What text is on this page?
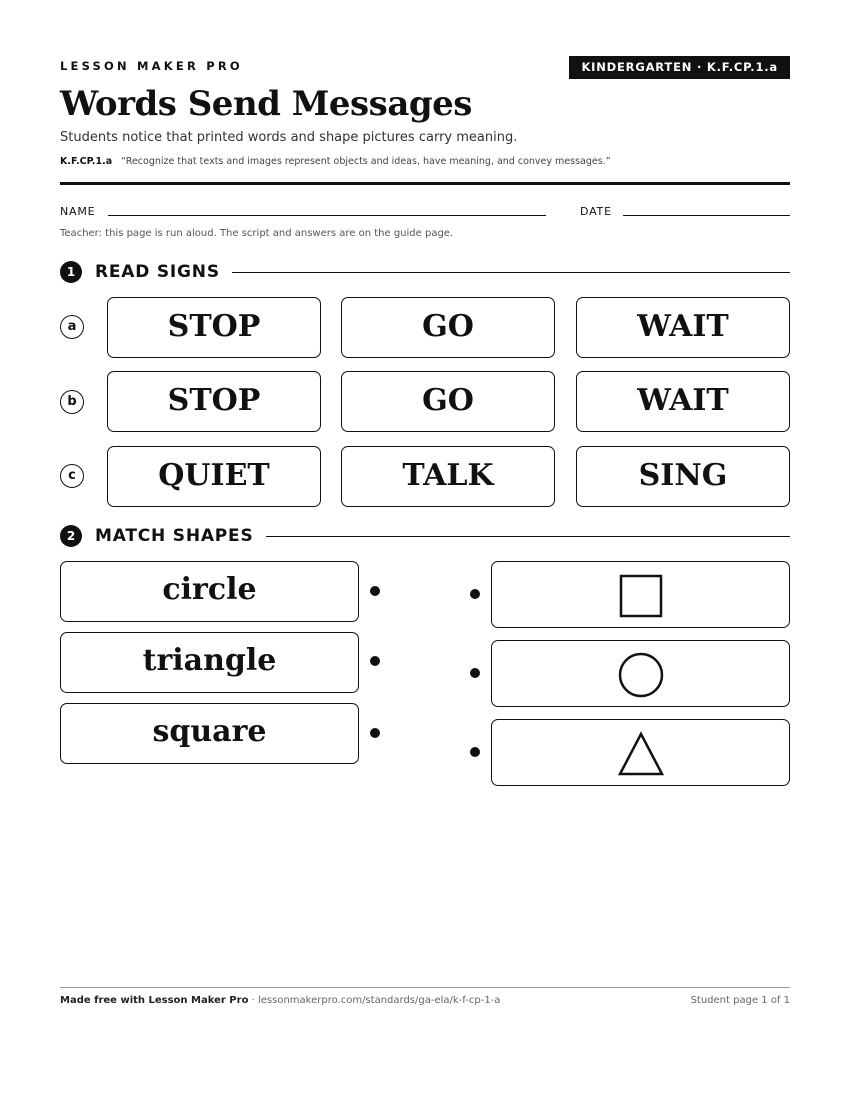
LESSON MAKER PRO	KINDERGARTEN · K.F.CP.1.a
Words Send Messages
Students notice that printed words and shape pictures carry meaning.
K.F.CP.1.a “Recognize that texts and images represent objects and ideas, have meaning, and convey messages.”
NAME	DATE
Teacher: this page is run aloud. The script and answers are on the guide page.
1	READ SIGNS
a	STOP	GO	WAIT
b	STOP	GO	WAIT
c	QUIET	TALK	SING
2	MATCH SHAPES
circle
triangle
square
Made free with Lesson Maker Pro · lessonmakerpro.com/standards/ga-ela/k-f-cp-1-a	Student page 1 of 1
